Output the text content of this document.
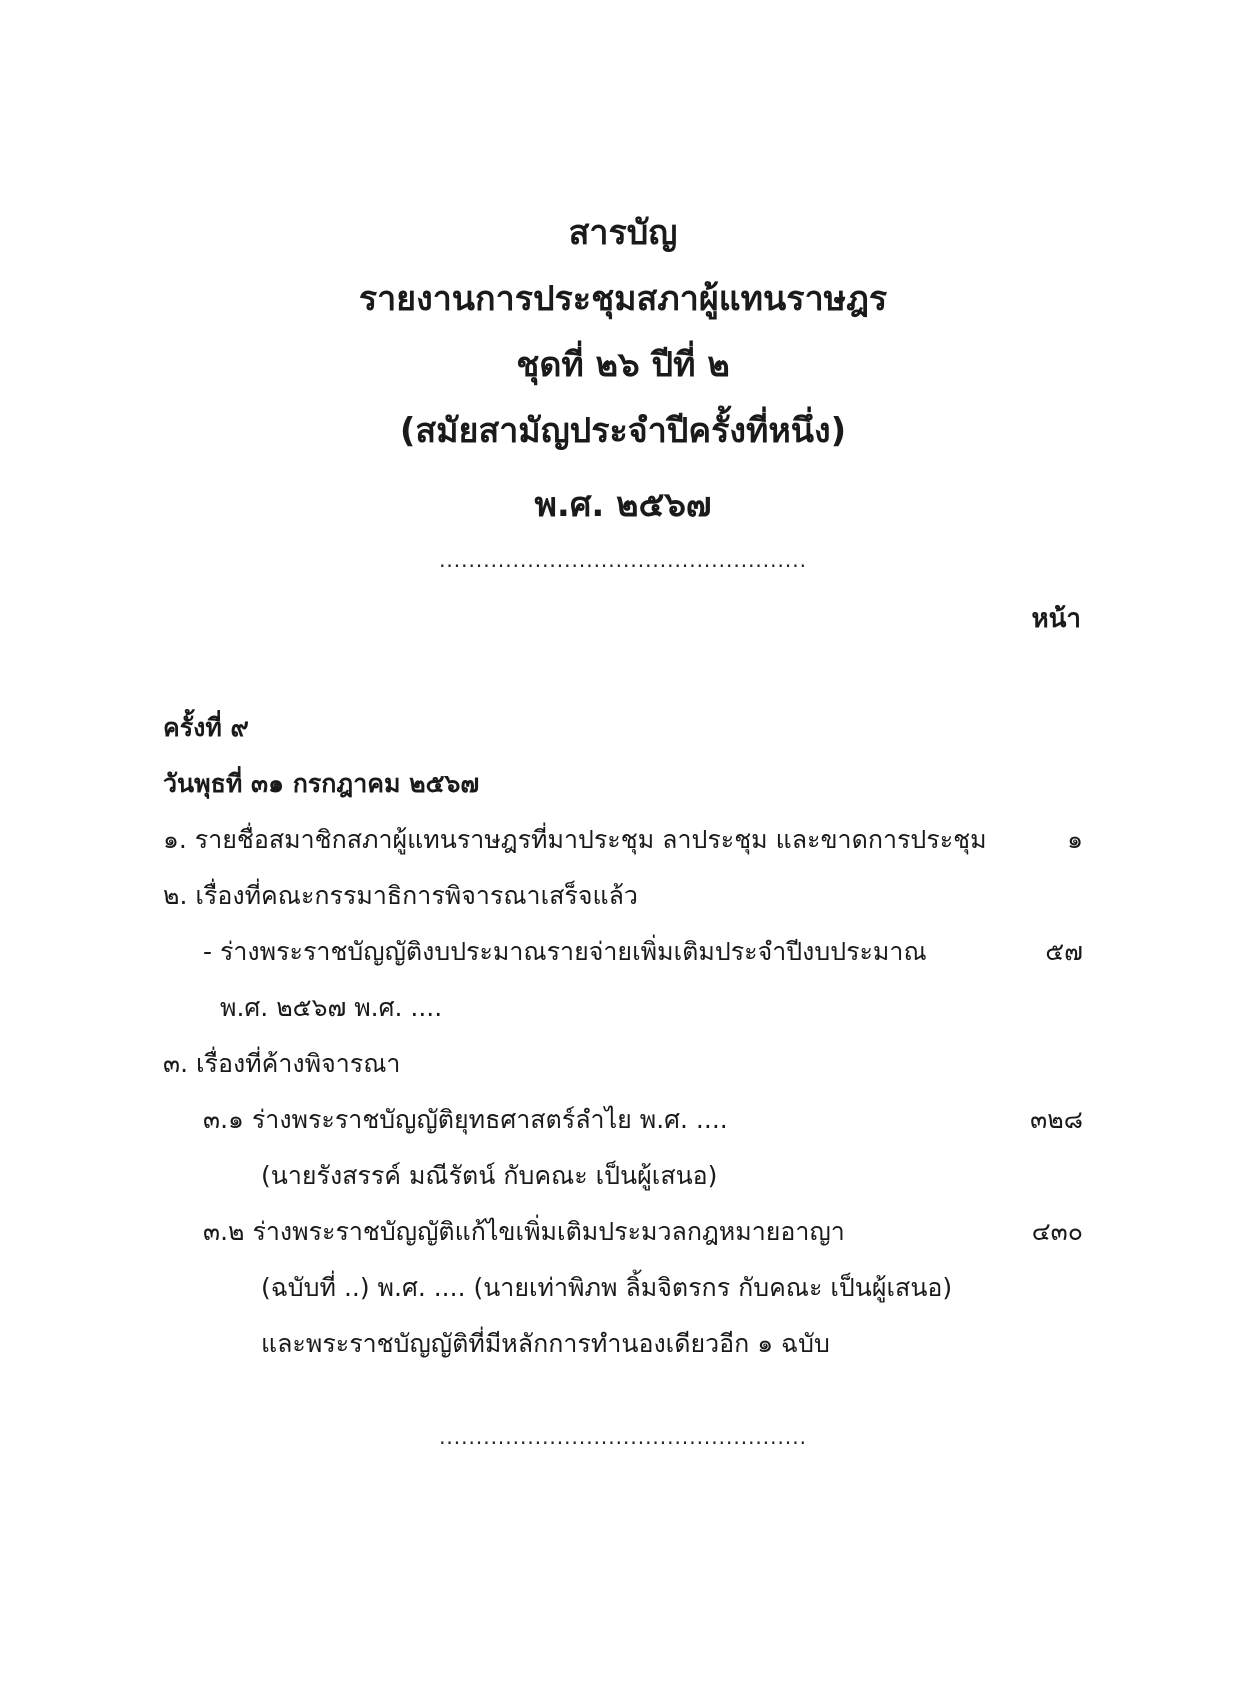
สารบัญ
รายงานการประชุมสภาผู้แทนราษฎร
ชุดที่ ๒๖ ปีที่ ๒
(สมัยสามัญประจำปีครั้งที่หนึ่ง)
พ.ศ. ๒๕๖๗
..................................................
หน้า
ครั้งที่ ๙
วันพุธที่ ๓๑ กรกฎาคม ๒๕๖๗
๑. รายชื่อสมาชิกสภาผู้แทนราษฎรที่มาประชุม ลาประชุม และขาดการประชุม	๑
๒. เรื่องที่คณะกรรมาธิการพิจารณาเสร็จแล้ว
- ร่างพระราชบัญญัติงบประมาณรายจ่ายเพิ่มเติมประจำปีงบประมาณ	๕๗
พ.ศ. ๒๕๖๗ พ.ศ. ....
๓. เรื่องที่ค้างพิจารณา
๓.๑ ร่างพระราชบัญญัติยุทธศาสตร์ลำไย พ.ศ. ....	๓๒๘
(นายรังสรรค์ มณีรัตน์ กับคณะ เป็นผู้เสนอ)
๓.๒ ร่างพระราชบัญญัติแก้ไขเพิ่มเติมประมวลกฎหมายอาญา	๔๓๐
(ฉบับที่ ..) พ.ศ. .... (นายเท่าพิภพ ลิ้มจิตรกร กับคณะ เป็นผู้เสนอ)
และพระราชบัญญัติที่มีหลักการทำนองเดียวอีก ๑ ฉบับ
..................................................
